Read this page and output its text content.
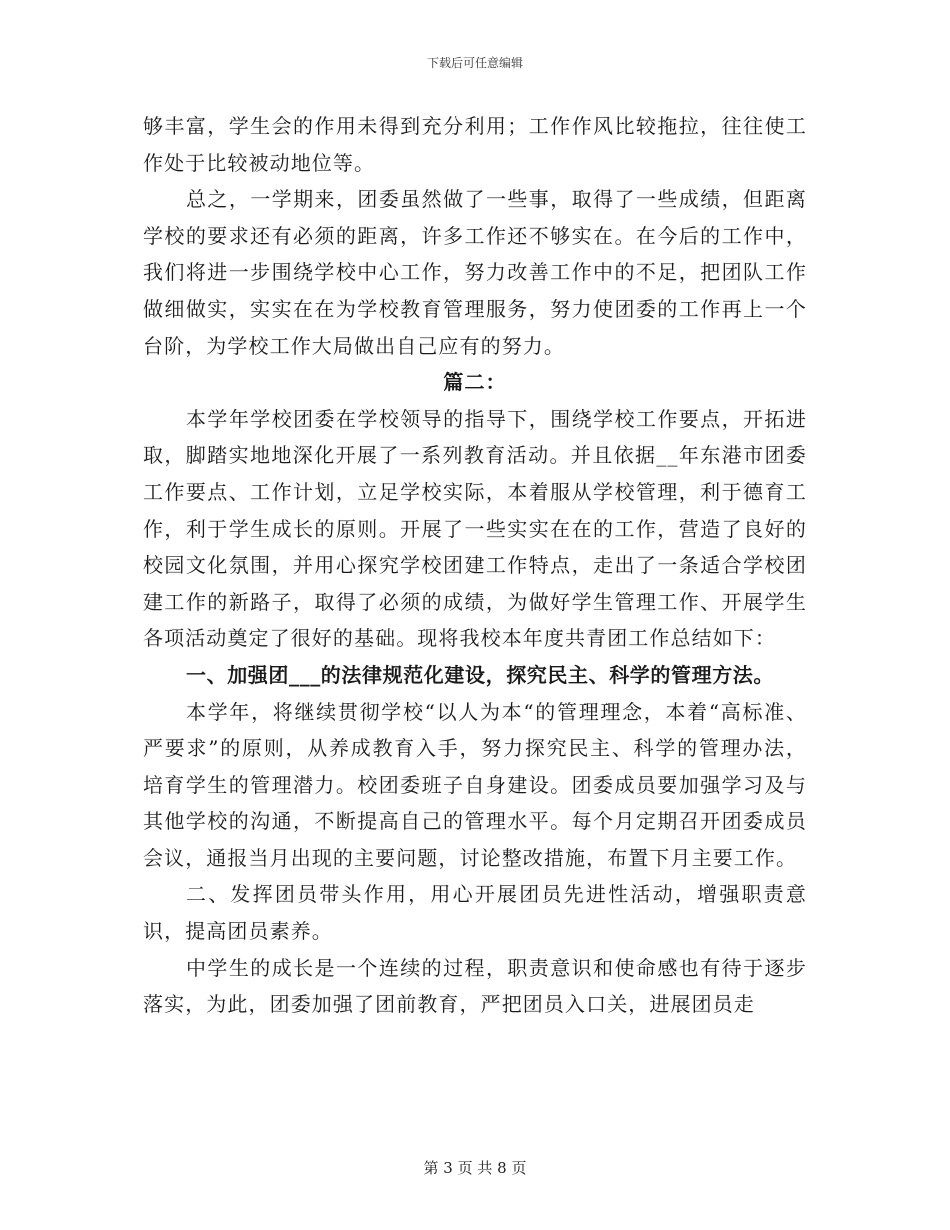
下载后可任意编辑

够丰富，学生会的作用未得到充分利用；工作作风比较拖拉，往往使工作处于比较被动地位等。

总之，一学期来，团委虽然做了一些事，取得了一些成绩，但距离学校的要求还有必须的距离，许多工作还不够实在。在今后的工作中，我们将进一步围绕学校中心工作，努力改善工作中的不足，把团队工作做细做实，实实在在为学校教育管理服务，努力使团委的工作再上一个台阶，为学校工作大局做出自己应有的努力。

篇二：

本学年学校团委在学校领导的指导下，围绕学校工作要点，开拓进取，脚踏实地地深化开展了一系列教育活动。并且依据__年东港市团委工作要点、工作计划，立足学校实际，本着服从学校管理，利于德育工作，利于学生成长的原则。开展了一些实实在在的工作，营造了良好的校园文化氛围，并用心探究学校团建工作特点，走出了一条适合学校团建工作的新路子，取得了必须的成绩，为做好学生管理工作、开展学生各项活动奠定了很好的基础。现将我校本年度共青团工作总结如下：

一、加强团___的法律规范化建设，探究民主、科学的管理方法。

本学年，将继续贯彻学校“以人为本“的管理理念，本着“高标准、严要求”的原则，从养成教育入手，努力探究民主、科学的管理办法，培育学生的管理潜力。校团委班子自身建设。团委成员要加强学习及与其他学校的沟通，不断提高自己的管理水平。每个月定期召开团委成员会议，通报当月出现的主要问题，讨论整改措施，布置下月主要工作。

二、发挥团员带头作用，用心开展团员先进性活动，增强职责意识，提高团员素养。

中学生的成长是一个连续的过程，职责意识和使命感也有待于逐步落实，为此，团委加强了团前教育，严把团员入口关，进展团员走

第 3 页 共 8 页
